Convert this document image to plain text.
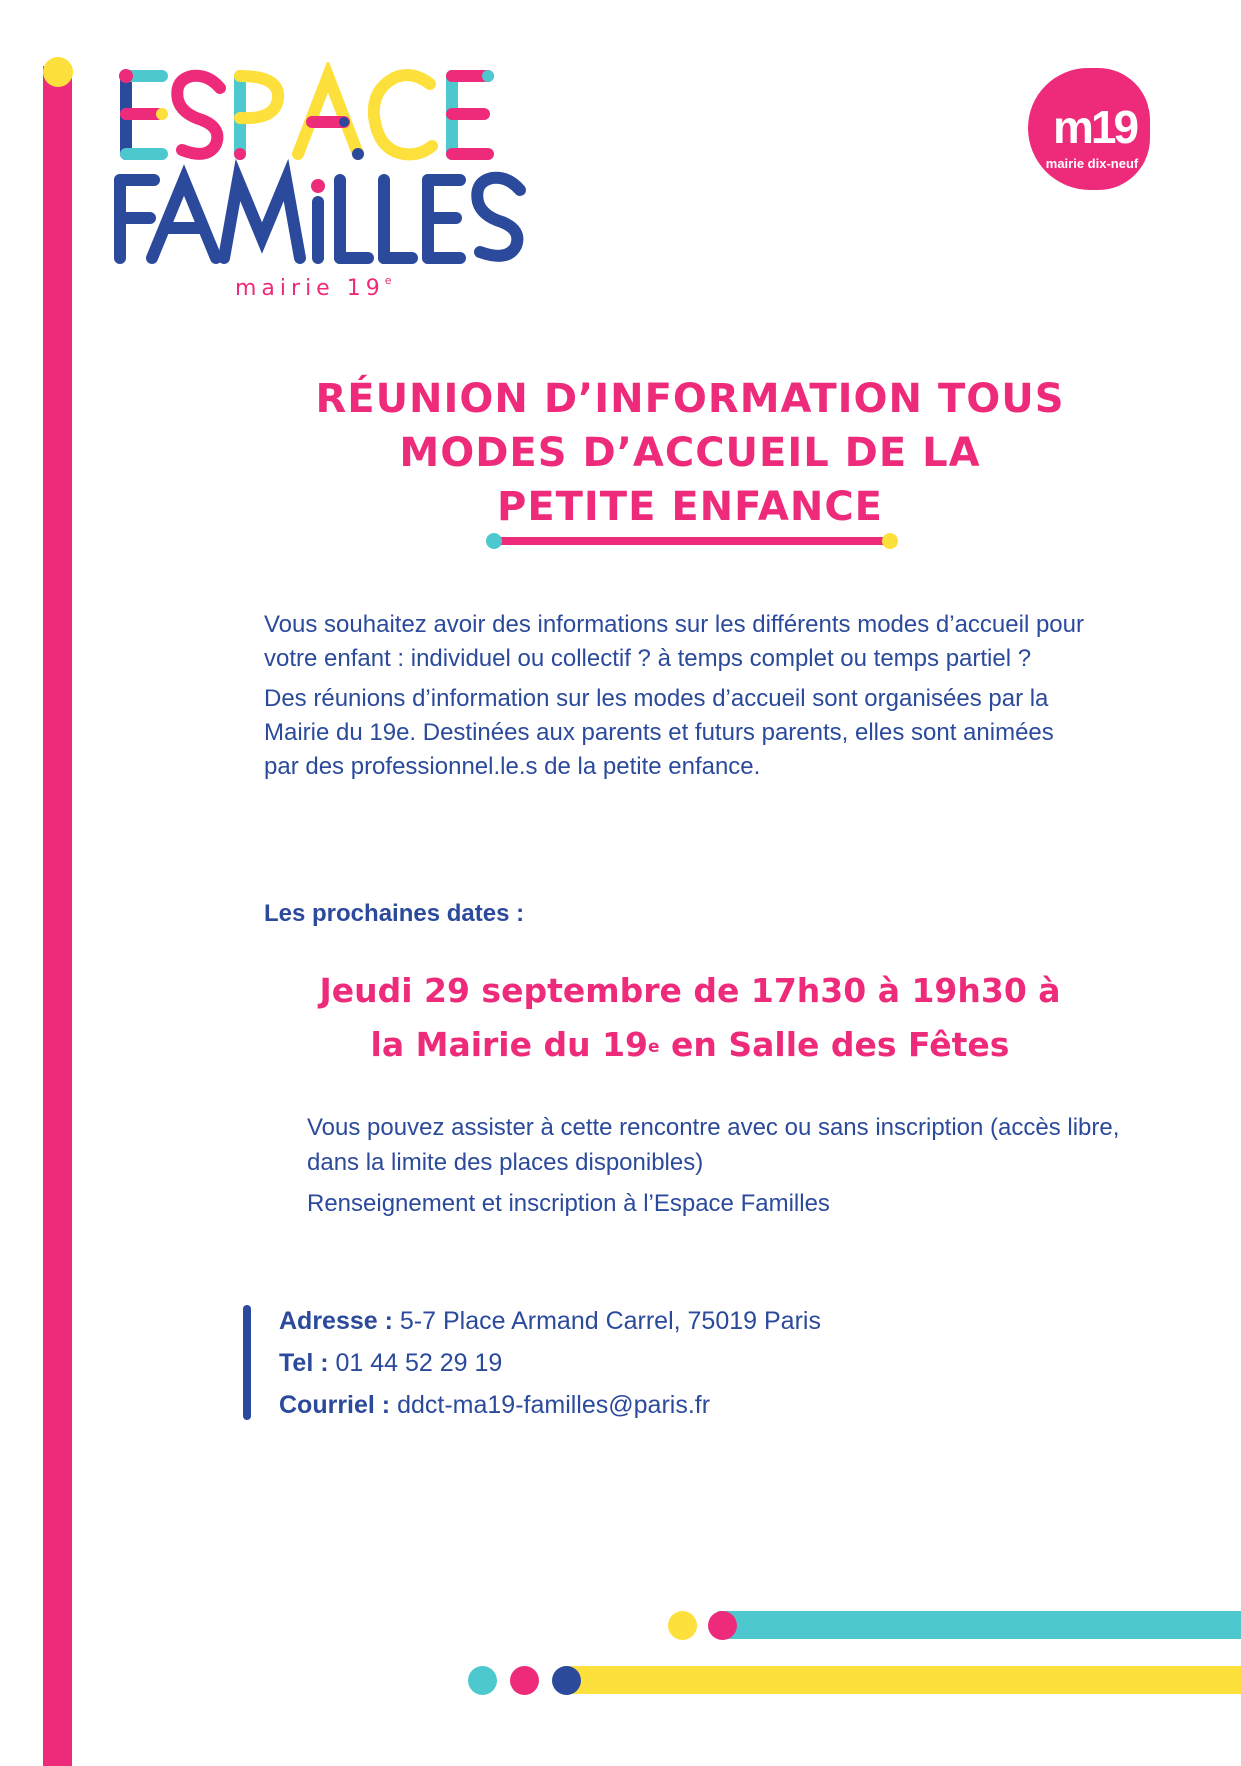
mairie 19e
m19
mairie dix-neuf
RÉUNION D’INFORMATION TOUS
MODES D’ACCUEIL DE LA
PETITE ENFANCE

Vous souhaitez avoir des informations sur les différents modes d’accueil pour votre enfant : individuel ou collectif ? à temps complet ou temps partiel ?

Des réunions d’information sur les modes d’accueil sont organisées par la Mairie du 19e. Destinées aux parents et futurs parents, elles sont animées par des professionnel.le.s de la petite enfance.

Les prochaines dates :
Jeudi 29 septembre de 17h30 à 19h30 à
la Mairie du 19e en Salle des Fêtes

Vous pouvez assister à cette rencontre avec ou sans inscription (accès libre, dans la limite des places disponibles)

Renseignement et inscription à l’Espace Familles

Adresse : 5-7 Place Armand Carrel, 75019 Paris
Tel : 01 44 52 29 19
Courriel : ddct-ma19-familles@paris.fr
